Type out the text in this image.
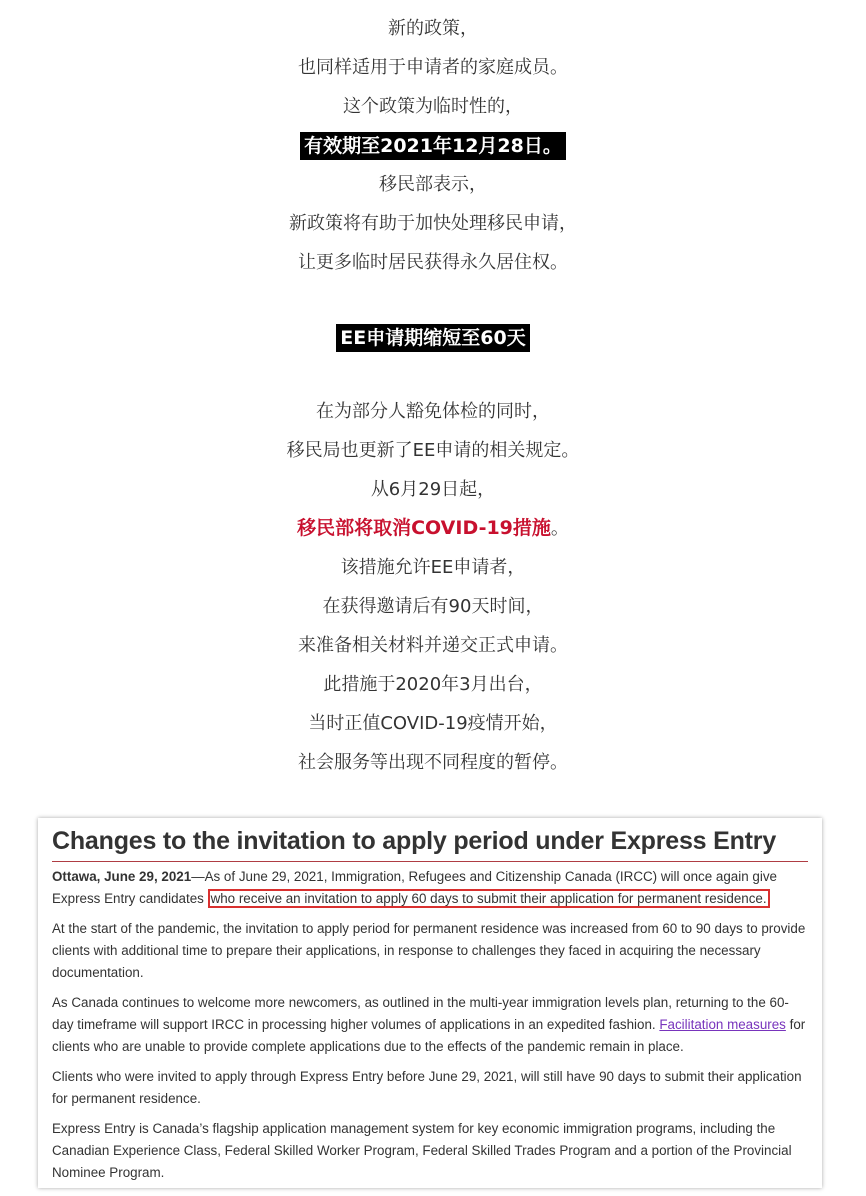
新的政策，
也同样适用于申请者的家庭成员。
这个政策为临时性的，
有效期至2021年12月28日。
移民部表示，
新政策将有助于加快处理移民申请，
让更多临时居民获得永久居住权。
EE申请期缩短至60天
在为部分人豁免体检的同时，
移民局也更新了EE申请的相关规定。
从6月29日起，
移民部将取消COVID-19措施。
该措施允许EE申请者，
在获得邀请后有90天时间，
来准备相关材料并递交正式申请。
此措施于2020年3月出台，
当时正值COVID-19疫情开始，
社会服务等出现不同程度的暂停。
Changes to the invitation to apply period under Express Entry

Ottawa, June 29, 2021—As of June 29, 2021, Immigration, Refugees and Citizenship Canada (IRCC) will once again give Express Entry candidates who receive an invitation to apply 60 days to submit their application for permanent residence.

At the start of the pandemic, the invitation to apply period for permanent residence was increased from 60 to 90 days to provide clients with additional time to prepare their applications, in response to challenges they faced in acquiring the necessary documentation.

As Canada continues to welcome more newcomers, as outlined in the multi-year immigration levels plan, returning to the 60-day timeframe will support IRCC in processing higher volumes of applications in an expedited fashion. Facilitation measures for clients who are unable to provide complete applications due to the effects of the pandemic remain in place.

Clients who were invited to apply through Express Entry before June 29, 2021, will still have 90 days to submit their application for permanent residence.

Express Entry is Canada’s flagship application management system for key economic immigration programs, including the Canadian Experience Class, Federal Skilled Worker Program, Federal Skilled Trades Program and a portion of the Provincial Nominee Program.
